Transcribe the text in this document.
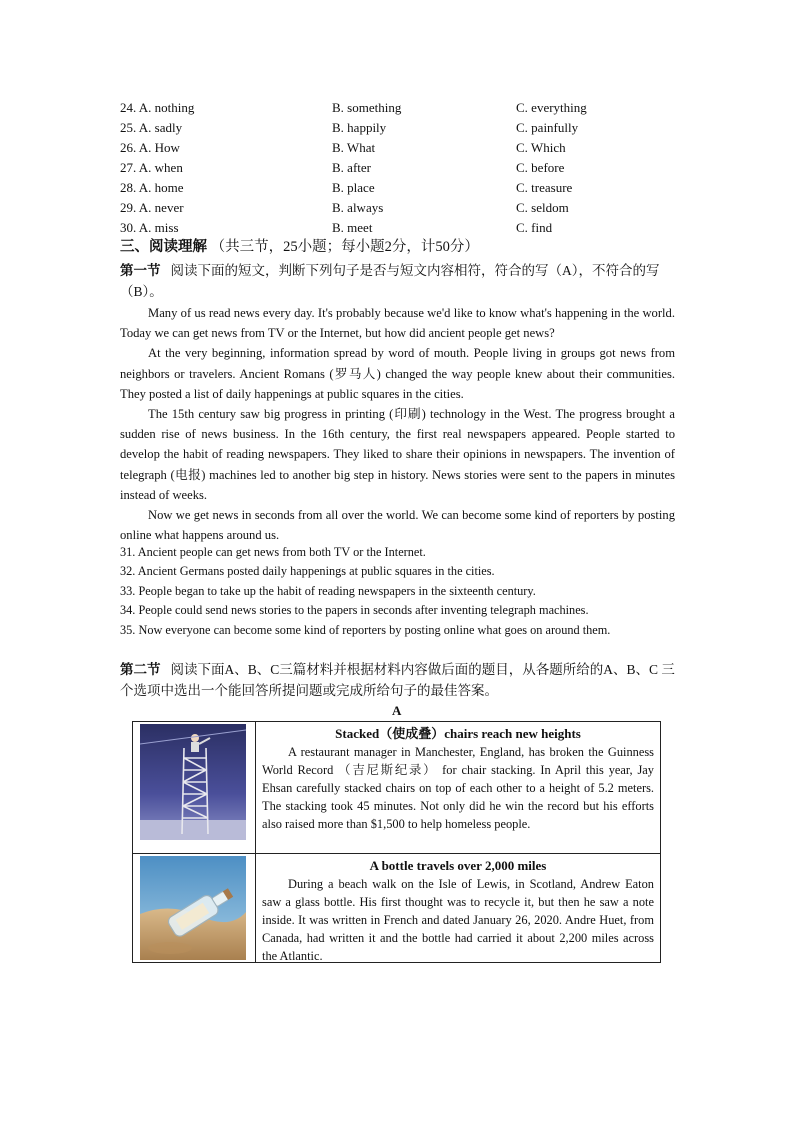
24. A. nothing	B. something	C. everything
25. A. sadly	B. happily	C. painfully
26. A. How	B. What	C. Which
27. A. when	B. after	C. before
28. A. home	B. place	C. treasure
29. A. never	B. always	C. seldom
30. A. miss	B. meet	C. find
三、阅读理解 （共三节，25小题；每小题2分，计50分）
第一节 阅读下面的短文，判断下列句子是否与短文内容相符，符合的写（A），不符合的写（B）。

Many of us read news every day. It's probably because we'd like to know what's happening in the world. Today we can get news from TV or the Internet, but how did ancient people get news?

At the very beginning, information spread by word of mouth. People living in groups got news from neighbors or travelers. Ancient Romans (罗马人) changed the way people knew about their communities. They posted a list of daily happenings at public squares in the cities.

The 15th century saw big progress in printing (印刷) technology in the West. The progress brought a sudden rise of news business. In the 16th century, the first real newspapers appeared. People started to develop the habit of reading newspapers. They liked to share their opinions in newspapers. The invention of telegraph (电报) machines led to another big step in history. News stories were sent to the papers in minutes instead of weeks.

Now we get news in seconds from all over the world. We can become some kind of reporters by posting online what happens around us.

31. Ancient people can get news from both TV or the Internet.
32. Ancient Germans posted daily happenings at public squares in the cities.
33. People began to take up the habit of reading newspapers in the sixteenth century.
34. People could send news stories to the papers in seconds after inventing telegraph machines.
35. Now everyone can become some kind of reporters by posting online what goes on around them.
第二节 阅读下面A、B、C三篇材料并根据材料内容做后面的题目，从各题所给的A、B、C 三个选项中选出一个能回答所提问题或完成所给句子的最佳答案。
A
Stacked（使成叠）chairs reach new heights

A restaurant manager in Manchester, England, has broken the Guinness World Record （吉尼斯纪录） for chair stacking. In April this year, Jay Ehsan carefully stacked chairs on top of each other to a height of 5.2 meters. The stacking took 45 minutes. Not only did he win the record but his efforts also raised more than $1,500 to help homeless people.

A bottle travels over 2,000 miles

During a beach walk on the Isle of Lewis, in Scotland, Andrew Eaton saw a glass bottle. His first thought was to recycle it, but then he saw a note inside. It was written in French and dated January 26, 2020. Andre Huet, from Canada, had written it and the bottle had carried it about 2,200 miles across the Atlantic.
